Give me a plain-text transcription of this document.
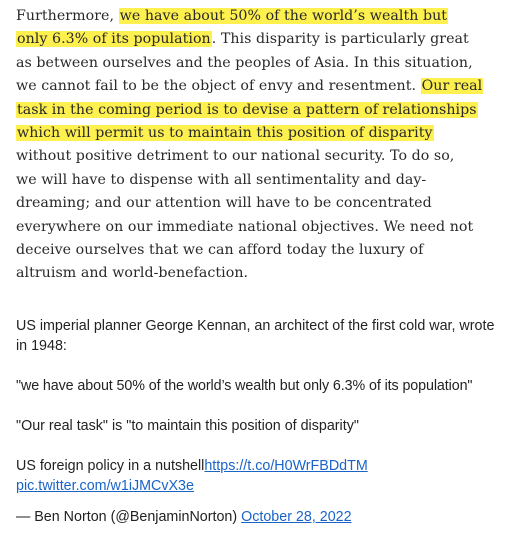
Furthermore, we have about 50% of the world’s wealth but
only 6.3% of its population. This disparity is particularly great
as between ourselves and the peoples of Asia. In this situation,
we cannot fail to be the object of envy and resentment. Our real
task in the coming period is to devise a pattern of relationships
which will permit us to maintain this position of disparity
without positive detriment to our national security. To do so,
we will have to dispense with all sentimentality and day-
dreaming; and our attention will have to be concentrated
everywhere on our immediate national objectives. We need not
deceive ourselves that we can afford today the luxury of
altruism and world-benefaction.

US imperial planner George Kennan, an architect of the first cold war, wrote in 1948:

"we have about 50% of the world’s wealth but only 6.3% of its population"

"Our real task" is "to maintain this position of disparity"

US foreign policy in a nutshellhttps://t.co/H0WrFBDdTM
pic.twitter.com/w1iJMCvX3e

— Ben Norton (@BenjaminNorton) October 28, 2022
